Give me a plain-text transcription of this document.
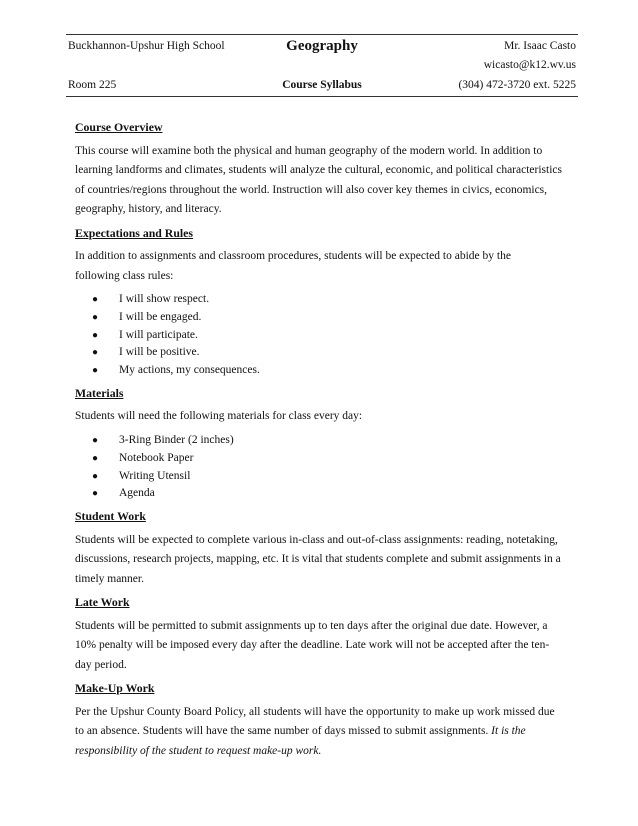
Buckhannon-Upshur High School	Geography	Mr. Isaac Casto
wicasto@k12.wv.us
Room 225	Course Syllabus	(304) 472-3720 ext. 5225
Course Overview
This course will examine both the physical and human geography of the modern world. In addition to
learning landforms and climates, students will analyze the cultural, economic, and political characteristics
of countries/regions throughout the world. Instruction will also cover key themes in civics, economics,
geography, history, and literacy.
Expectations and Rules
In addition to assignments and classroom procedures, students will be expected to abide by the
following class rules:
● I will show respect.
● I will be engaged.
● I will participate.
● I will be positive.
● My actions, my consequences.
Materials
Students will need the following materials for class every day:
● 3-Ring Binder (2 inches)
● Notebook Paper
● Writing Utensil
● Agenda
Student Work
Students will be expected to complete various in-class and out-of-class assignments: reading, notetaking,
discussions, research projects, mapping, etc. It is vital that students complete and submit assignments in a
timely manner.
Late Work
Students will be permitted to submit assignments up to ten days after the original due date. However, a
10% penalty will be imposed every day after the deadline. Late work will not be accepted after the ten-
day period.
Make-Up Work
Per the Upshur County Board Policy, all students will have the opportunity to make up work missed due
to an absence. Students will have the same number of days missed to submit assignments. It is the
responsibility of the student to request make-up work.
